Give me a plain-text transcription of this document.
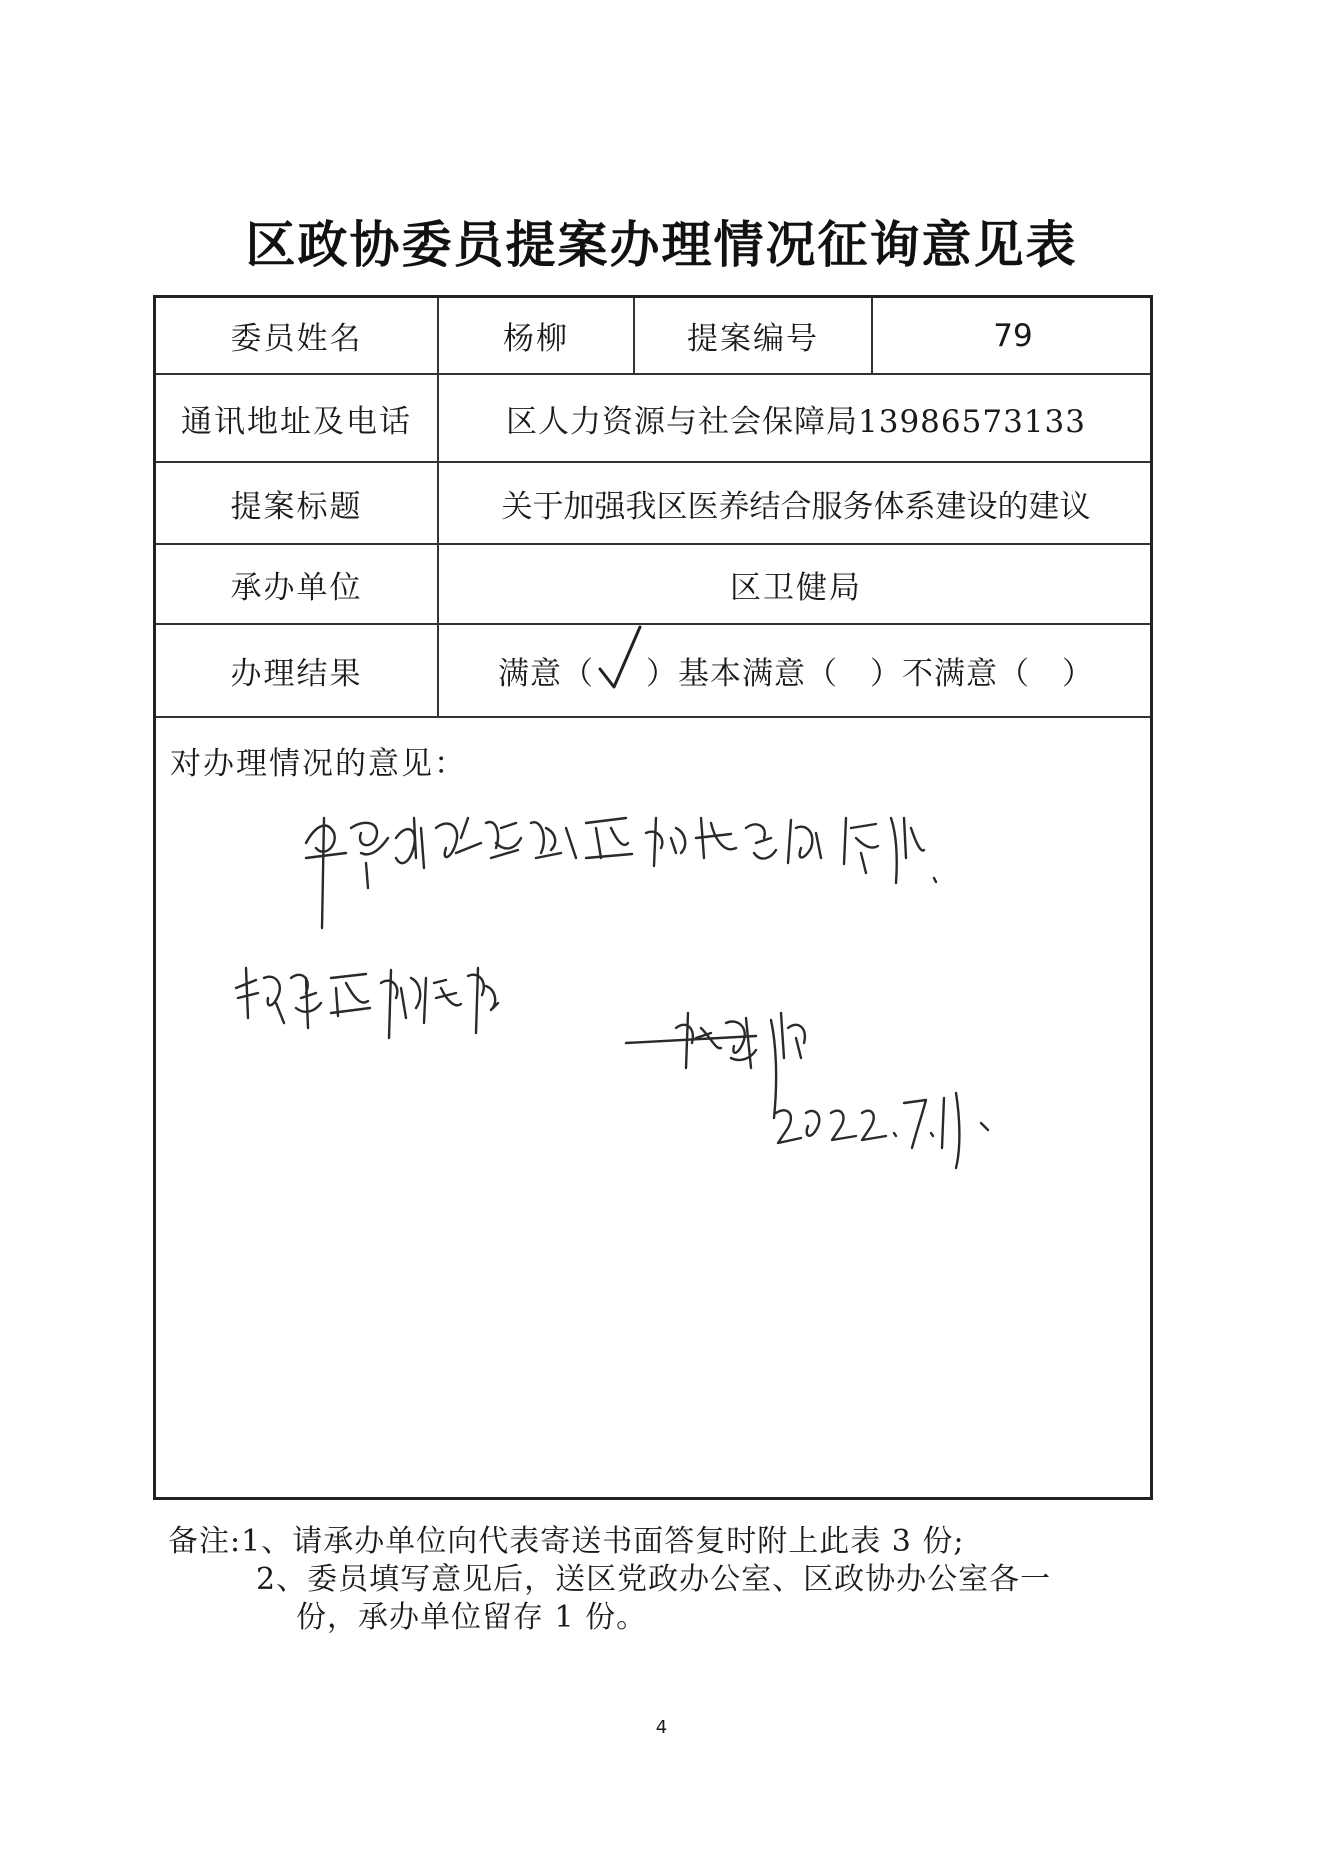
区政协委员提案办理情况征询意见表
委员姓名	杨柳	提案编号	79
通讯地址及电话	区人力资源与社会保障局13986573133
提案标题	关于加强我区医养结合服务体系建设的建议
承办单位	区卫健局
办理结果	满意（ ）基本满意（ ）不满意（ ）
对办理情况的意见：
备注:1、请承办单位向代表寄送书面答复时附上此表 3 份;
2、委员填写意见后，送区党政办公室、区政协办公室各一
份，承办单位留存 1 份。
4
